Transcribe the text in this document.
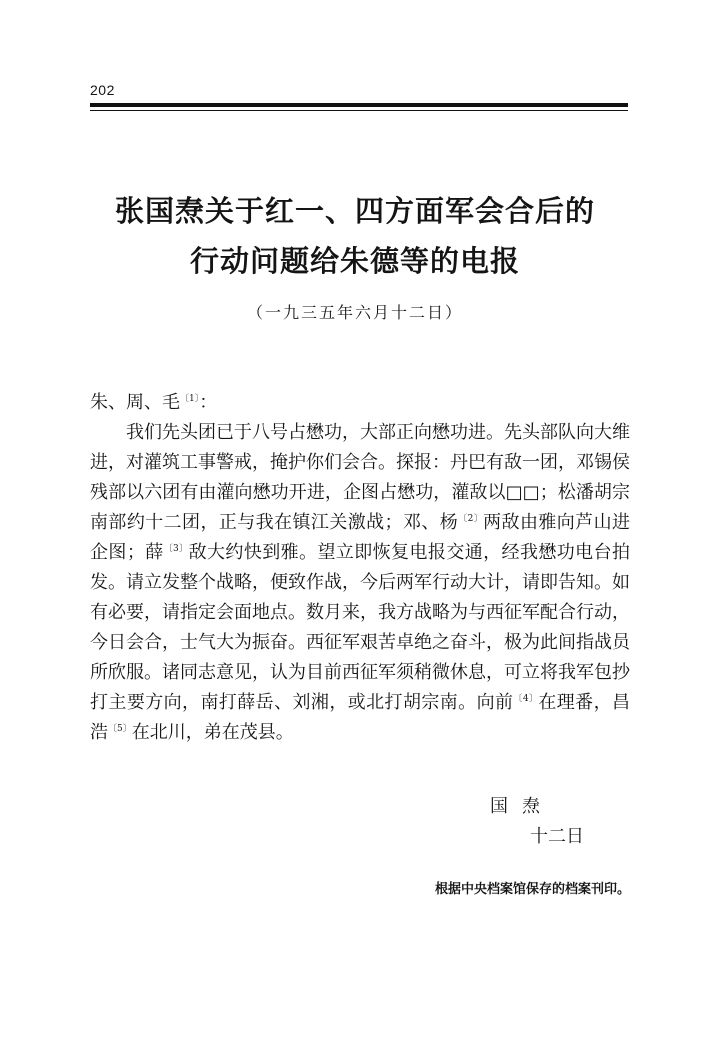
202
张国焘关于红一、四方面军会合后的
行动问题给朱德等的电报
（一九三五年六月十二日）

朱、周、毛$^{〔1〕}$：

我们先头团已于八号占懋功，大部正向懋功进。先头部队向大维进，对灌筑工事警戒，掩护你们会合。探报：丹巴有敌一团，邓锡侯残部以六团有由灌向懋功开进，企图占懋功，灌敌以□□；松潘胡宗南部约十二团，正与我在镇江关激战；邓、杨$^{〔2〕}$两敌由雅向芦山进企图；薛$^{〔3〕}$敌大约快到雅。望立即恢复电报交通，经我懋功电台拍发。请立发整个战略，便致作战，今后两军行动大计，请即告知。如有必要，请指定会面地点。数月来，我方战略为与西征军配合行动，今日会合，士气大为振奋。西征军艰苦卓绝之奋斗，极为此间指战员所欣服。诸同志意见，认为目前西征军须稍微休息，可立将我军包抄打主要方向，南打薛岳、刘湘，或北打胡宗南。向前$^{〔4〕}$在理番，昌浩$^{〔5〕}$在北川，弟在茂县。

国焘
十二日
根据中央档案馆保存的档案刊印。
